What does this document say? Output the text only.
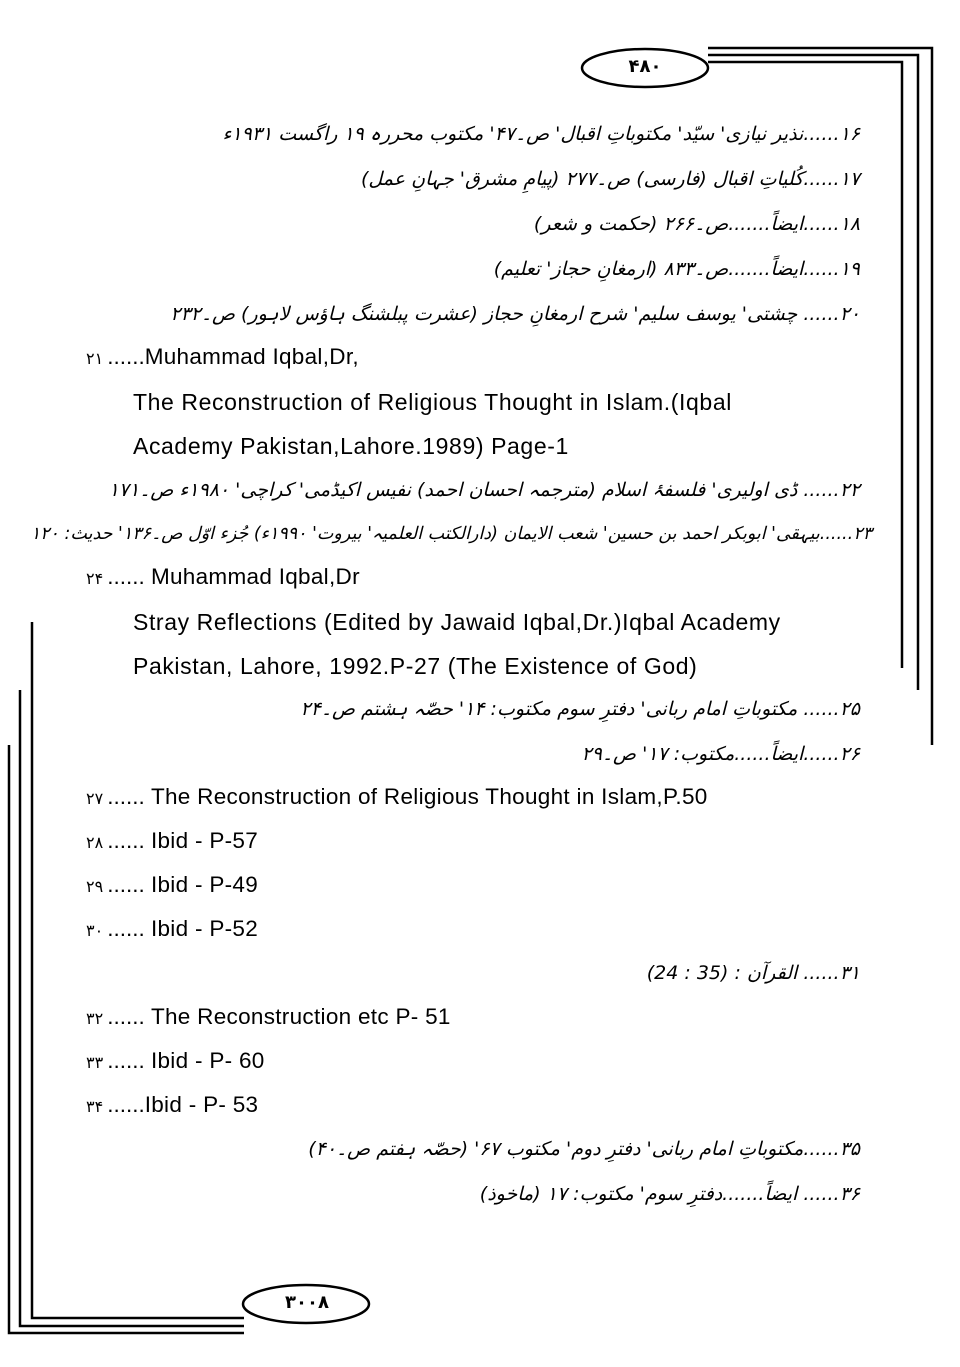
۴۸۰
۳۰۰۸
۱۶......نذیر نیازی' سیّد' مکتوباتِ اقبال' ص۔۴۷' مکتوب محررہ ۱۹ راگست ۱۹۳۱ء
۱۷......کُلیاتِ اقبال (فارسی) ص۔۲۷۷ (پیامِ مشرق' جہانِ عمل)
۱۸......ایضاً.......ص۔۲۶۶ (حکمت و شعر)
۱۹......ایضاً.......ص۔۸۳۳ (ارمغانِ حجاز' تعلیم)
۲۰...... چشتی' یوسف سلیم' شرح ارمغانِ حجاز (عشرت پبلشنگ ہاؤس لاہور) ص۔۲۳۲
۲۱ ......Muhammad Iqbal,Dr,
The Reconstruction of Religious Thought in Islam.(Iqbal
Academy Pakistan,Lahore.1989) Page-1
۲۲...... ڈی اولیری' فلسفۂ اسلام (مترجمہ احسان احمد) نفیس اکیڈمی' کراچی' ۱۹۸۰ء ص۔۱۷۱
۲۳......بیہقی' ابوبکر احمد بن حسین' شعب الایمان (دارالکتب العلمیہ' بیروت' ۱۹۹۰ء) جُزء اوّل ص۔۱۳۶' حدیث: ۱۲۰
۲۴ ...... Muhammad Iqbal,Dr
Stray Reflections (Edited by Jawaid Iqbal,Dr.)Iqbal Academy
Pakistan, Lahore, 1992.P-27 (The Existence of God)
۲۵...... مکتوباتِ امام ربانی' دفترِ سوم مکتوب: ۱۴' حصّہ ہشتم ص۔۲۴
۲۶......ایضاً......مکتوب: ۱۷' ص۔۲۹
۲۷ ...... The Reconstruction of Religious Thought in Islam,P.50
۲۸ ...... Ibid - P-57
۲۹ ...... Ibid - P-49
۳۰ ...... Ibid - P-52
۳۱...... القرآن : (35 : 24)
۳۲ ...... The Reconstruction etc P- 51
۳۳ ...... Ibid - P- 60
۳۴ ......Ibid - P- 53
۳۵......مکتوباتِ امام ربانی' دفترِ دوم' مکتوب ۶۷' (حصّہ ہفتم ص۔۴۰)
۳۶...... ایضاً.......دفترِ سوم' مکتوب: ۱۷ (ماخوذ)
